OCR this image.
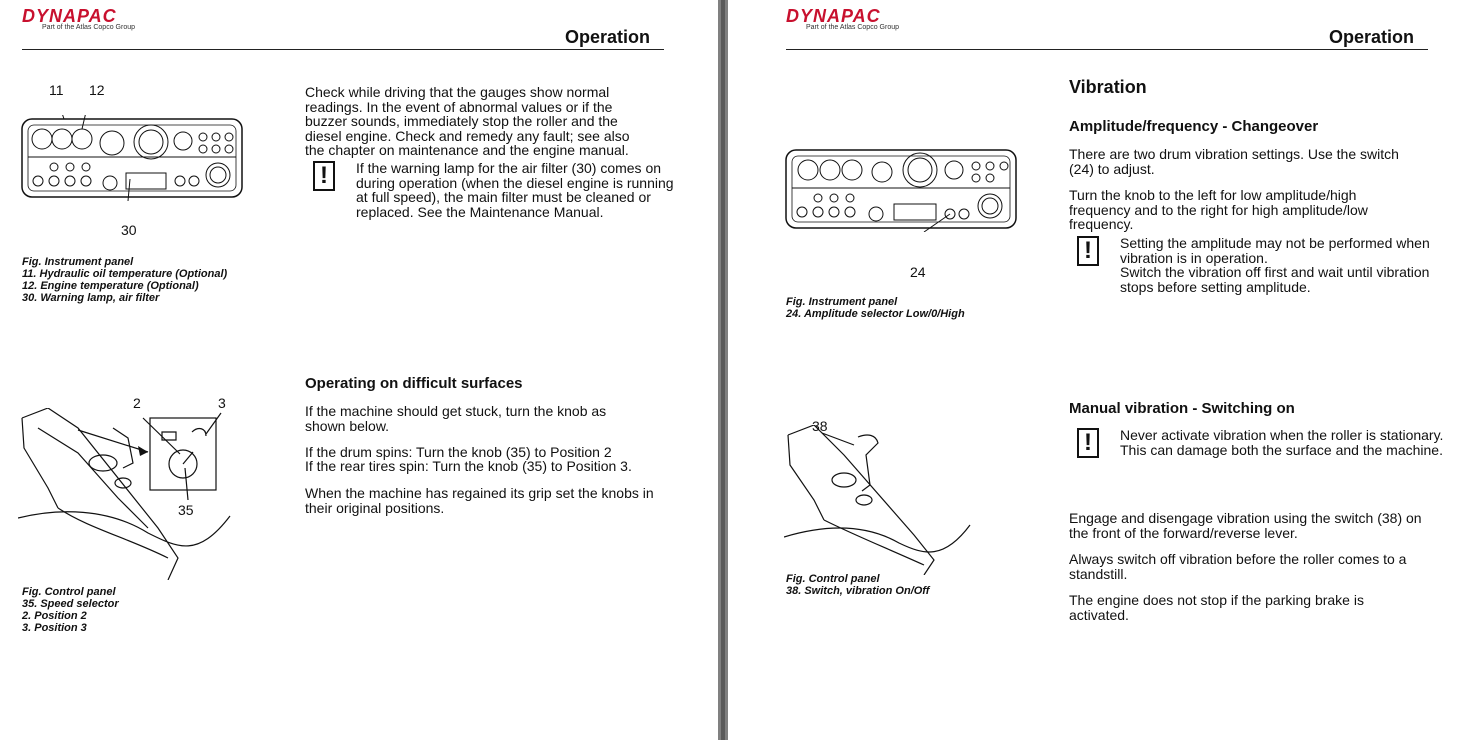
DYNAPAC
Part of the Atlas Copco Group	Operation
11 12
30
Fig. Instrument panel
11. Hydraulic oil temperature (Optional)
12. Engine temperature (Optional)
30. Warning lamp, air filter

Check while driving that the gauges show normal readings. In the event of abnormal values or if the buzzer sounds, immediately stop the roller and the diesel engine. Check and remedy any fault; see also the chapter on maintenance and the engine manual.

!	If the warning lamp for the air filter (30) comes on during operation (when the diesel engine is running at full speed), the main filter must be cleaned or replaced. See the Maintenance Manual.

2	3
35
Fig. Control panel
35. Speed selector
2. Position 2
3. Position 3
Operating on difficult surfaces

If the machine should get stuck, turn the knob as shown below.

If the drum spins: Turn the knob (35) to Position 2

If the rear tires spin: Turn the knob (35) to Position 3.

When the machine has regained its grip set the knobs in their original positions.

DYNAPAC
Part of the Atlas Copco Group	Operation
Vibration
Amplitude/frequency - Changeover

There are two drum vibration settings. Use the switch (24) to adjust.

Turn the knob to the left for low amplitude/high frequency and to the right for high amplitude/low frequency.

!	Setting the amplitude may not be performed when vibration is in operation.

Switch the vibration off first and wait until vibration stops before setting amplitude.

24
Fig. Instrument panel
24. Amplitude selector Low/0/High
Manual vibration - Switching on
!	Never activate vibration when the roller is stationary. This can damage both the surface and the machine.

Engage and disengage vibration using the switch (38) on the front of the forward/reverse lever.

Always switch off vibration before the roller comes to a standstill.

The engine does not stop if the parking brake is activated.

38
Fig. Control panel
38. Switch, vibration On/Off
